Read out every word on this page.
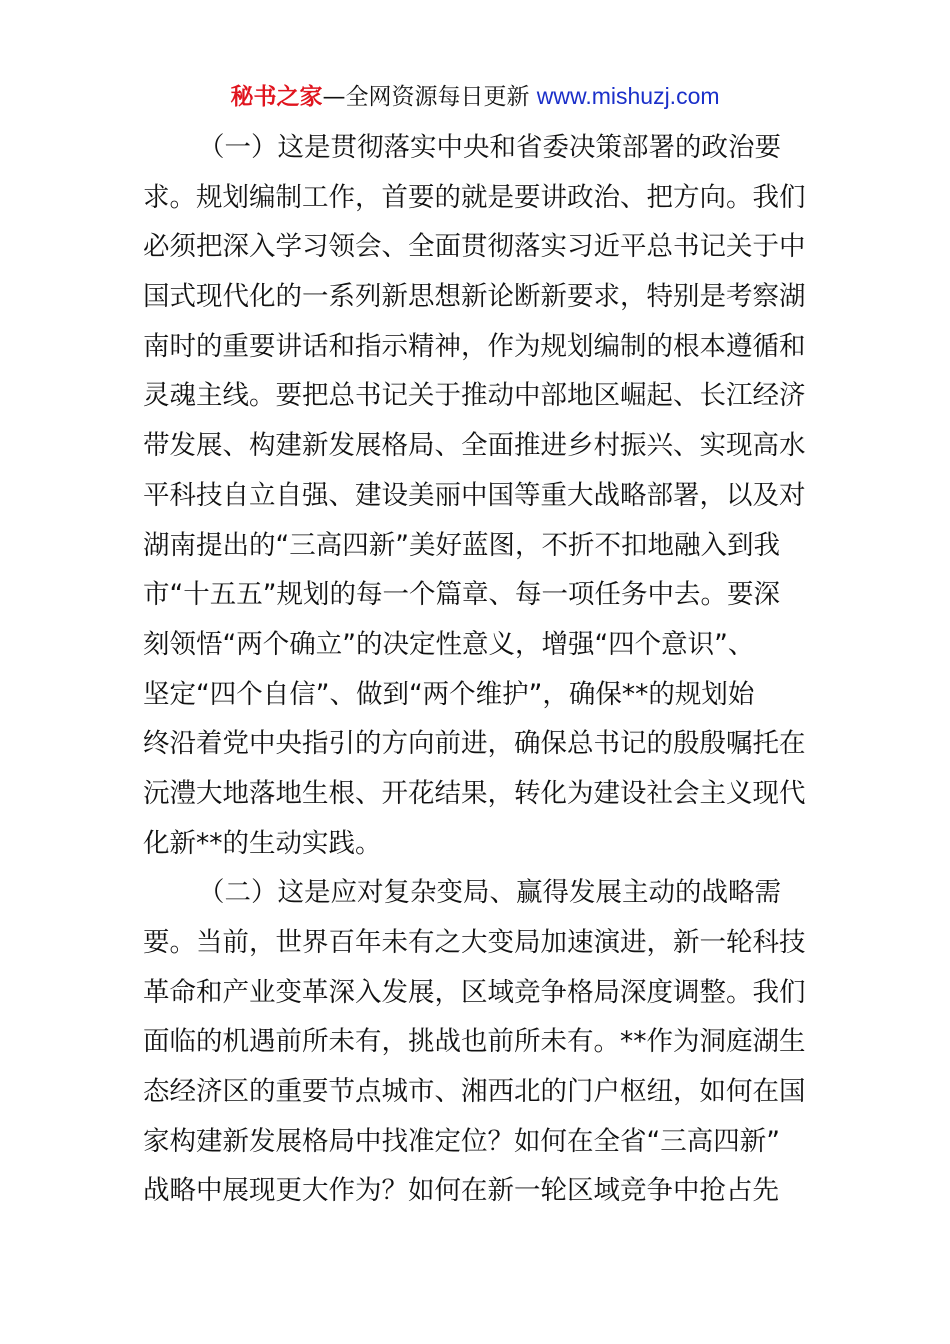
秘书之家—全网资源每日更新 www.mishuzj.com
（一）这是贯彻落实中央和省委决策部署的政治要
求。规划编制工作，首要的就是要讲政治、把方向。我们
必须把深入学习领会、全面贯彻落实习近平总书记关于中
国式现代化的一系列新思想新论断新要求，特别是考察湖
南时的重要讲话和指示精神，作为规划编制的根本遵循和
灵魂主线。要把总书记关于推动中部地区崛起、长江经济
带发展、构建新发展格局、全面推进乡村振兴、实现高水
平科技自立自强、建设美丽中国等重大战略部署，以及对
湖南提出的“三高四新”美好蓝图，不折不扣地融入到我
市“十五五”规划的每一个篇章、每一项任务中去。要深
刻领悟“两个确立”的决定性意义，增强“四个意识”、
坚定“四个自信”、做到“两个维护”，确保**的规划始
终沿着党中央指引的方向前进，确保总书记的殷殷嘱托在
沅澧大地落地生根、开花结果，转化为建设社会主义现代
化新**的生动实践。
（二）这是应对复杂变局、赢得发展主动的战略需
要。当前，世界百年未有之大变局加速演进，新一轮科技
革命和产业变革深入发展，区域竞争格局深度调整。我们
面临的机遇前所未有，挑战也前所未有。**作为洞庭湖生
态经济区的重要节点城市、湘西北的门户枢纽，如何在国
家构建新发展格局中找准定位？如何在全省“三高四新”
战略中展现更大作为？如何在新一轮区域竞争中抢占先
